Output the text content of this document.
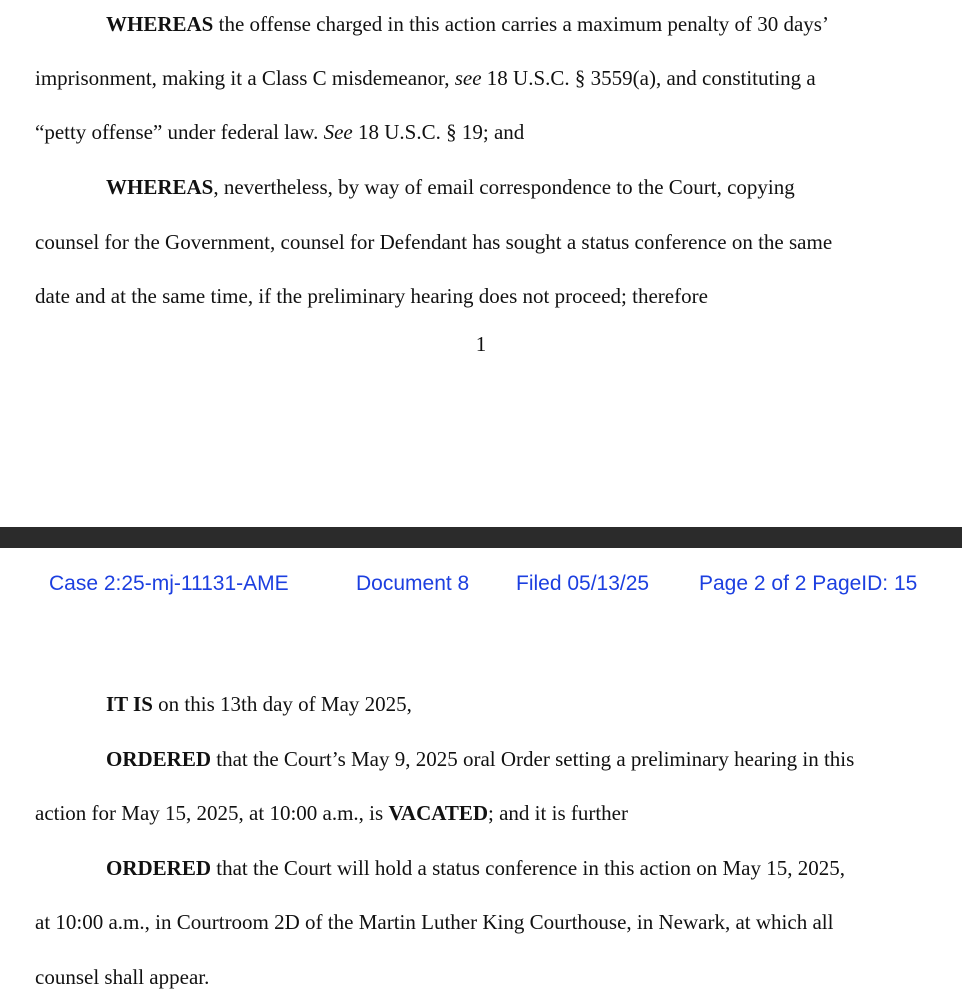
WHEREAS the offense charged in this action carries a maximum penalty of 30 days’
imprisonment, making it a Class C misdemeanor, see 18 U.S.C. § 3559(a), and constituting a
“petty offense” under federal law. See 18 U.S.C. § 19; and
WHEREAS, nevertheless, by way of email correspondence to the Court, copying
counsel for the Government, counsel for Defendant has sought a status conference on the same
date and at the same time, if the preliminary hearing does not proceed; therefore
1
Case 2:25-mj-11131-AME	Document 8 Filed 05/13/25 Page 2 of 2 PageID: 15
IT IS on this 13th day of May 2025,
ORDERED that the Court’s May 9, 2025 oral Order setting a preliminary hearing in this
action for May 15, 2025, at 10:00 a.m., is VACATED; and it is further
ORDERED that the Court will hold a status conference in this action on May 15, 2025,
at 10:00 a.m., in Courtroom 2D of the Martin Luther King Courthouse, in Newark, at which all
counsel shall appear.
